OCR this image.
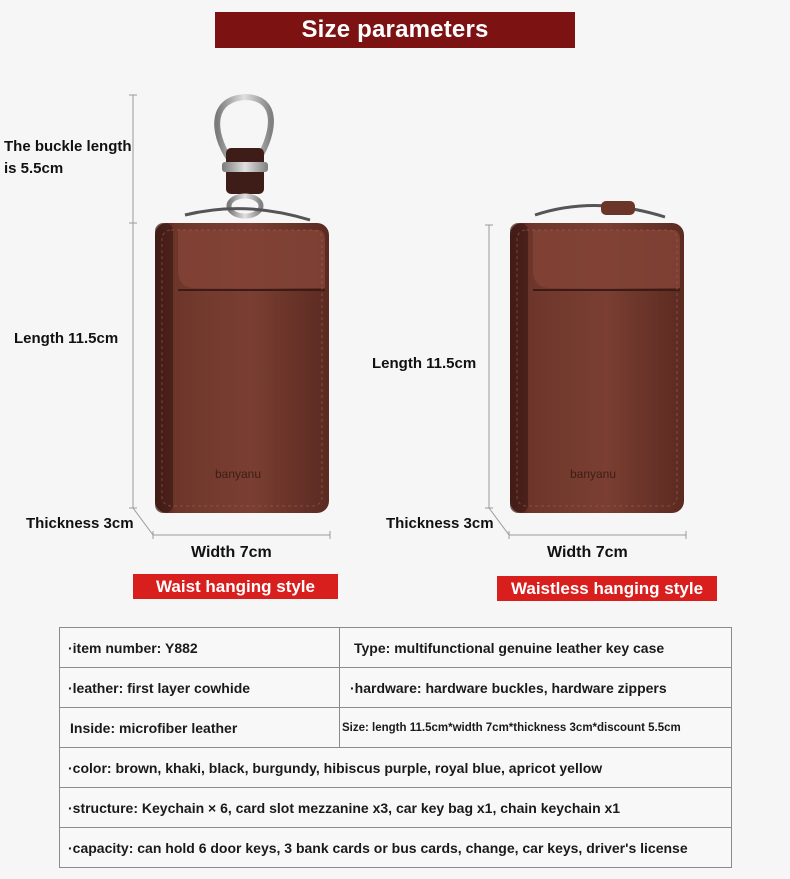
Size parameters
banyanu	banyanu
The buckle length is 5.5cm
Length 11.5cm
Thickness 3cm
Width 7cm
Waist hanging style
Length 11.5cm
Thickness 3cm
Width 7cm
Waistless hanging style
·item number: Y882	Type: multifunctional genuine leather key case
·leather: first layer cowhide	·hardware: hardware buckles, hardware zippers
Inside: microfiber leather	Size: length 11.5cm*width 7cm*thickness 3cm*discount 5.5cm
·color: brown, khaki, black, burgundy, hibiscus purple, royal blue, apricot yellow	
·structure: Keychain × 6, card slot mezzanine x3, car key bag x1, chain keychain x1	
·capacity: can hold 6 door keys, 3 bank cards or bus cards, change, car keys, driver's license	
